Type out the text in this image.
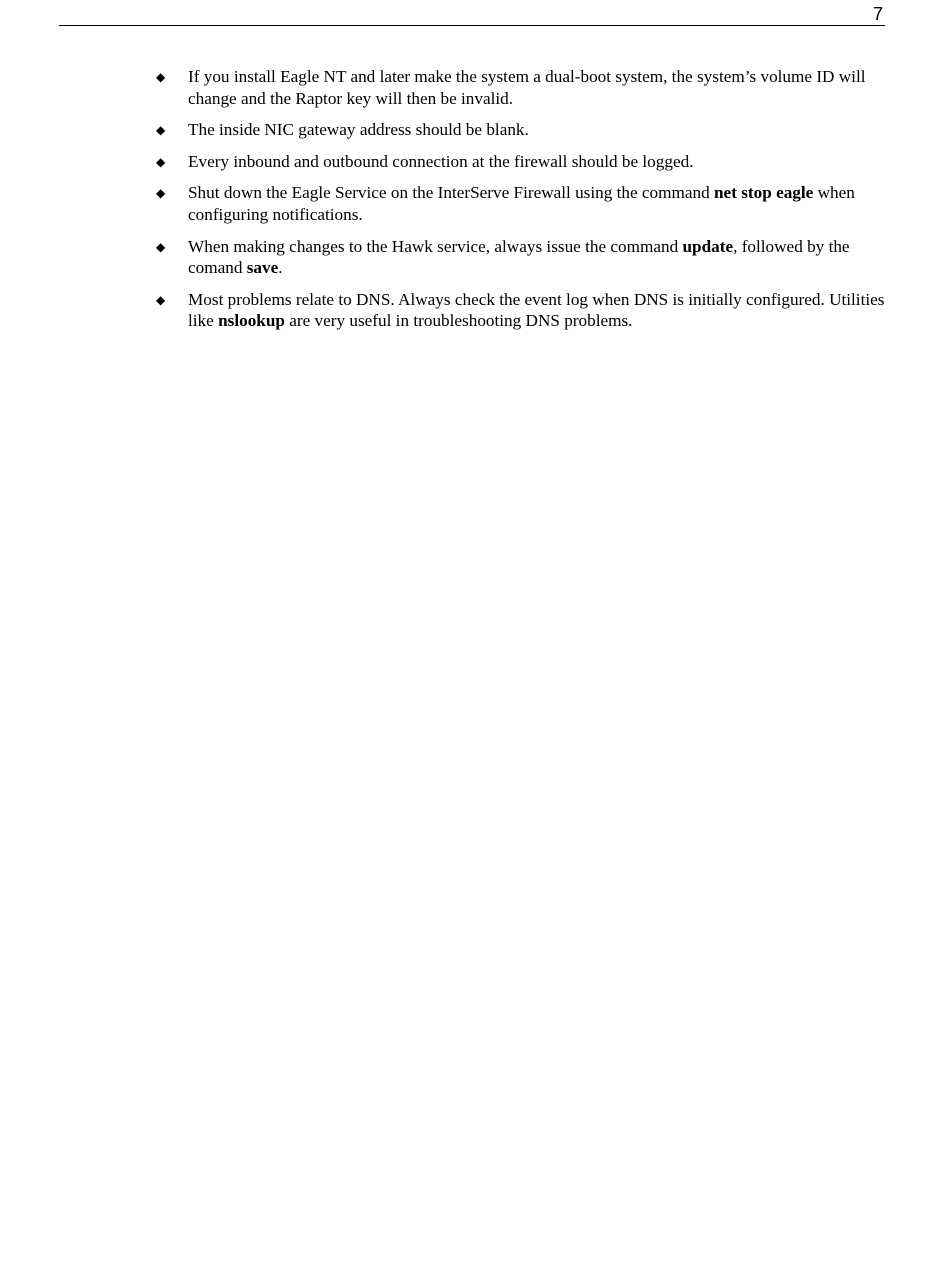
7
◆ If you install Eagle NT and later make the system a dual-boot system, the system’s volume ID will change and the Raptor key will then be invalid.
◆ The inside NIC gateway address should be blank.
◆ Every inbound and outbound connection at the firewall should be logged.
◆ Shut down the Eagle Service on the InterServe Firewall using the command net stop eagle when configuring notifications.
◆ When making changes to the Hawk service, always issue the command update, followed by the comand save.
◆ Most problems relate to DNS. Always check the event log when DNS is initially configured. Utilities like nslookup are very useful in troubleshooting DNS problems.
